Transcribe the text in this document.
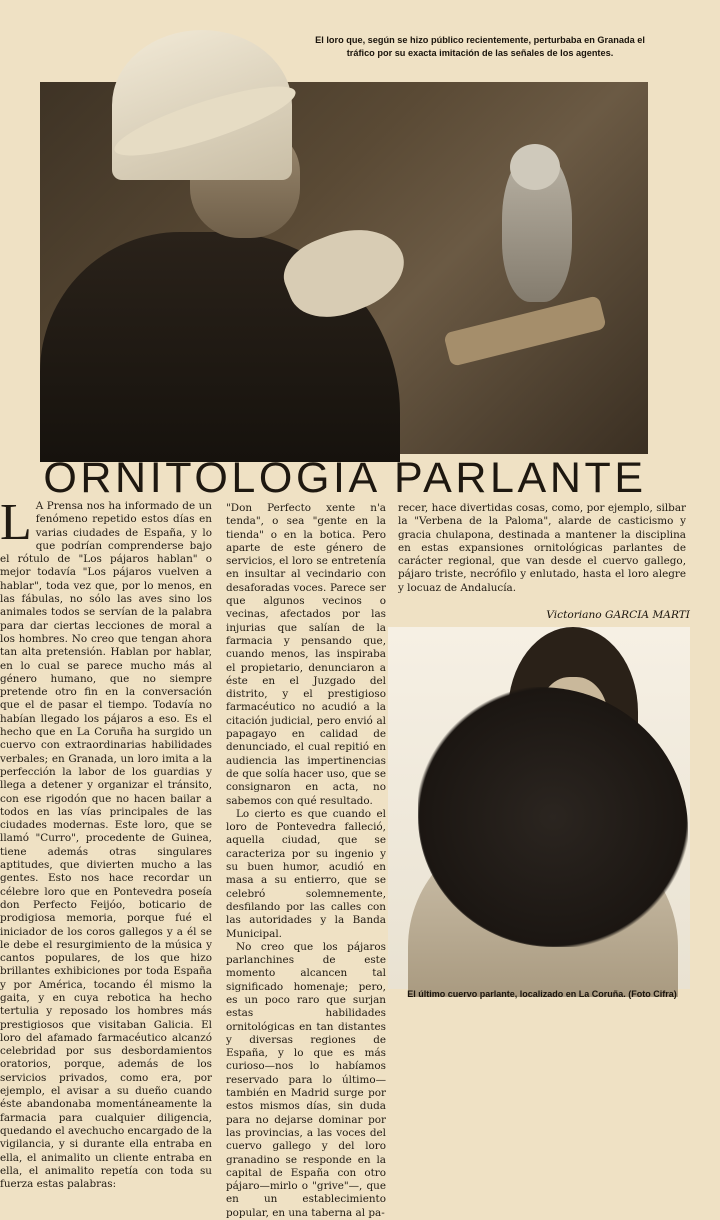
El loro que, según se hizo público recientemente, perturbaba en Granada el tráfico por su exacta imitación de las señales de los agentes.
ORNITOLOGIA PARLANTE

L A Prensa nos ha informado de un fenómeno repetido estos días en varias ciudades de España, y lo que podrían comprenderse bajo el rótulo de "Los pájaros hablan" o mejor todavía "Los pájaros vuelven a hablar", toda vez que, por lo menos, en las fábulas, no sólo las aves sino los animales todos se servían de la palabra para dar ciertas lecciones de moral a los hombres. No creo que tengan ahora tan alta pretensión. Hablan por hablar, en lo cual se parece mucho más al género humano, que no siempre pretende otro fin en la conversación que el de pasar el tiempo. Todavía no habían llegado los pájaros a eso. Es el hecho que en La Coruña ha surgido un cuervo con extraordinarias habilidades verbales; en Granada, un loro imita a la perfección la labor de los guardias y llega a detener y organizar el tránsito, con ese rigodón que no hacen bailar a todos en las vías principales de las ciudades modernas. Este loro, que se llamó "Curro", procedente de Guinea, tiene además otras singulares aptitudes, que divierten mucho a las gentes. Esto nos hace recordar un célebre loro que en Pontevedra poseía don Perfecto Feijóo, boticario de prodigiosa memoria, porque fué el iniciador de los coros gallegos y a él se le debe el resurgimiento de la música y cantos populares, de los que hizo brillantes exhibiciones por toda España y por América, tocando él mismo la gaita, y en cuya rebotica ha hecho tertulia y reposado los hombres más prestigiosos que visitaban Galicia. El loro del afamado farmacéutico alcanzó celebridad por sus desbordamientos oratorios, porque, además de los servicios privados, como era, por ejemplo, el avisar a su dueño cuando éste abandonaba momentáneamente la farmacia para cualquier diligencia, quedando el avechucho encargado de la vigilancia, y si durante ella entraba en ella, el animalito un cliente entraba en ella, el animalito repetía con toda su fuerza estas palabras:

"Don Perfecto xente n'a tenda", o sea "gente en la tienda" o en la botica. Pero aparte de este género de servicios, el loro se entretenía en insultar al vecindario con desaforadas voces. Parece ser que algunos vecinos o vecinas, afectados por las injurias que salían de la farmacia y pensando que, cuando menos, las inspiraba el propietario, denunciaron a éste en el Juzgado del distrito, y el prestigioso farmacéutico no acudió a la citación judicial, pero envió al papagayo en calidad de denunciado, el cual repitió en audiencia las impertinencias de que solía hacer uso, que se consignaron en acta, no sabemos con qué resultado.

Lo cierto es que cuando el loro de Pontevedra falleció, aquella ciudad, que se caracteriza por su ingenio y su buen humor, acudió en masa a su entierro, que se celebró solemnemente, desfilando por las calles con las autoridades y la Banda Municipal.

No creo que los pájaros parlanchines de este momento alcancen tal significado homenaje; pero, es un poco raro que surjan estas habilidades ornitológicas en tan distantes y diversas regiones de España, y lo que es más curioso—nos lo habíamos reservado para lo último—también en Madrid surge por estos mismos días, sin duda para no dejarse dominar por las provincias, a las voces del cuervo gallego y del loro granadino se responde en la capital de España con otro pájaro—mirlo o "grive"—, que en un establecimiento popular, en una taberna al pa-

recer, hace divertidas cosas, como, por ejemplo, silbar la "Verbena de la Paloma", alarde de casticismo y gracia chulapona, destinada a mantener la disciplina en estas expansiones ornitológicas parlantes de carácter regional, que van desde el cuervo gallego, pájaro triste, necrófilo y enlutado, hasta el loro alegre y locuaz de Andalucía.

Victoriano GARCIA MARTI
El último cuervo parlante, localizado en La Coruña. (Foto Cifra)
